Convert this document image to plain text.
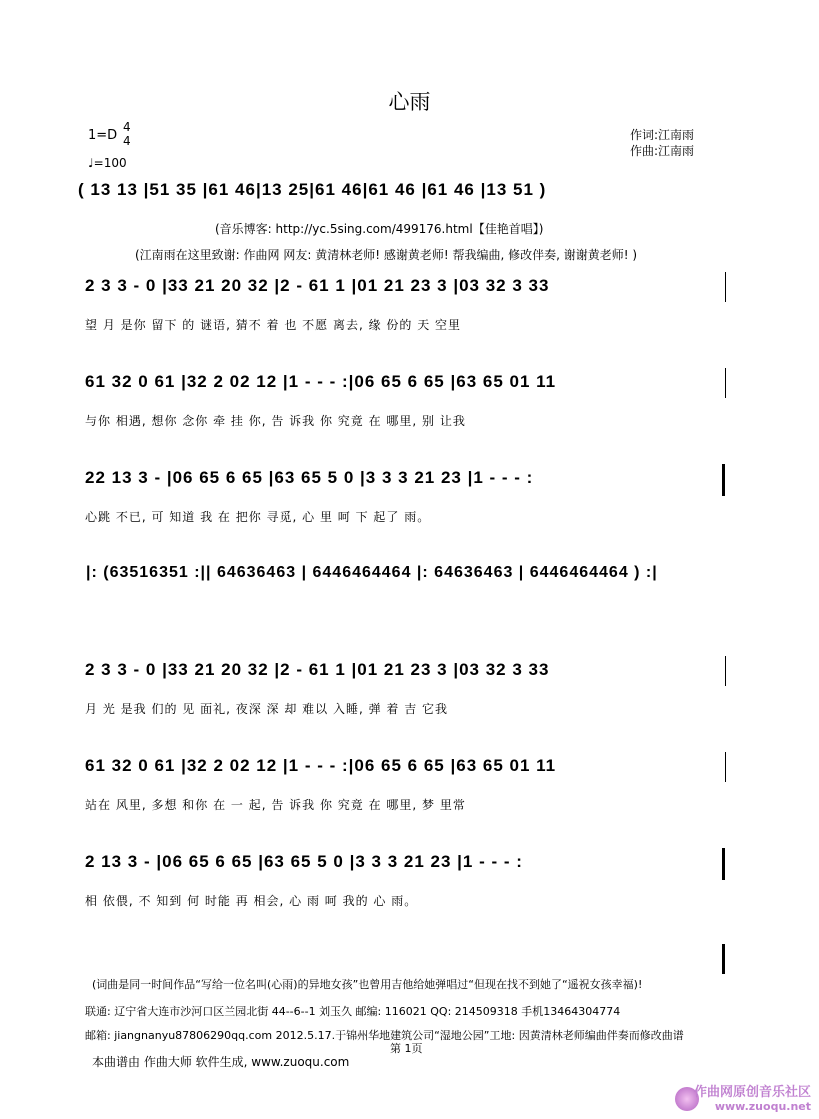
心雨
1=D
4
4
♩=100
作词:江南雨
作曲:江南雨
( 13 13 |51 35 |61 46|13 25|61 46|61 46 |61 46 |13 51 )
(音乐博客: http://yc.5sing.com/499176.html【佳艳首唱】)
(江南雨在这里致谢: 作曲网 网友: 黄清林老师! 感谢黄老师! 帮我编曲, 修改伴奏, 谢谢黄老师! )
2 3 3 - 0 |33 21 20 32 |2 - 61 1 |01 21 23 3 |03 32 3 33
望 月 是你 留下 的 谜语, 猜不 着 也 不愿 离去, 缘 份的 天 空里
61 32 0 61 |32 2 02 12 |1 - - - :|06 65 6 65 |63 65 01 11
与你 相遇, 想你 念你 牵 挂 你, 告 诉我 你 究竟 在 哪里, 别 让我
22 13 3 - |06 65 6 65 |63 65 5 0 |3 3 3 21 23 |1 - - - :
心跳 不已, 可 知道 我 在 把你 寻觅, 心 里 呵 下 起了 雨。
|: (63516351 :|| 64636463 | 6446464464 |: 64636463 | 6446464464 ) :|
2 3 3 - 0 |33 21 20 32 |2 - 61 1 |01 21 23 3 |03 32 3 33
月 光 是我 们的 见 面礼, 夜深 深 却 难以 入睡, 弹 着 吉 它我
61 32 0 61 |32 2 02 12 |1 - - - :|06 65 6 65 |63 65 01 11
站在 风里, 多想 和你 在 一 起, 告 诉我 你 究竟 在 哪里, 梦 里常
2 13 3 - |06 65 6 65 |63 65 5 0 |3 3 3 21 23 |1 - - - :
相 依偎, 不 知到 何 时能 再 相会, 心 雨 呵 我的 心 雨。
(词曲是同一时间作品“写给一位名叫(心雨)的异地女孩”也曾用吉他给她弹唱过“但现在找不到她了“遥祝女孩幸福)!
联通: 辽宁省大连市沙河口区兰园北街 44--6--1 刘玉久 邮编: 116021 QQ: 214509318 手机13464304774
邮箱: jiangnanyu87806290qq.com 2012.5.17.于锦州华地建筑公司“湿地公园”工地: 因黄清林老师编曲伴奏而修改曲谱
第 1页
本曲谱由 作曲大师 软件生成, www.zuoqu.com
作曲网原创音乐社区
www.zuoqu.net
